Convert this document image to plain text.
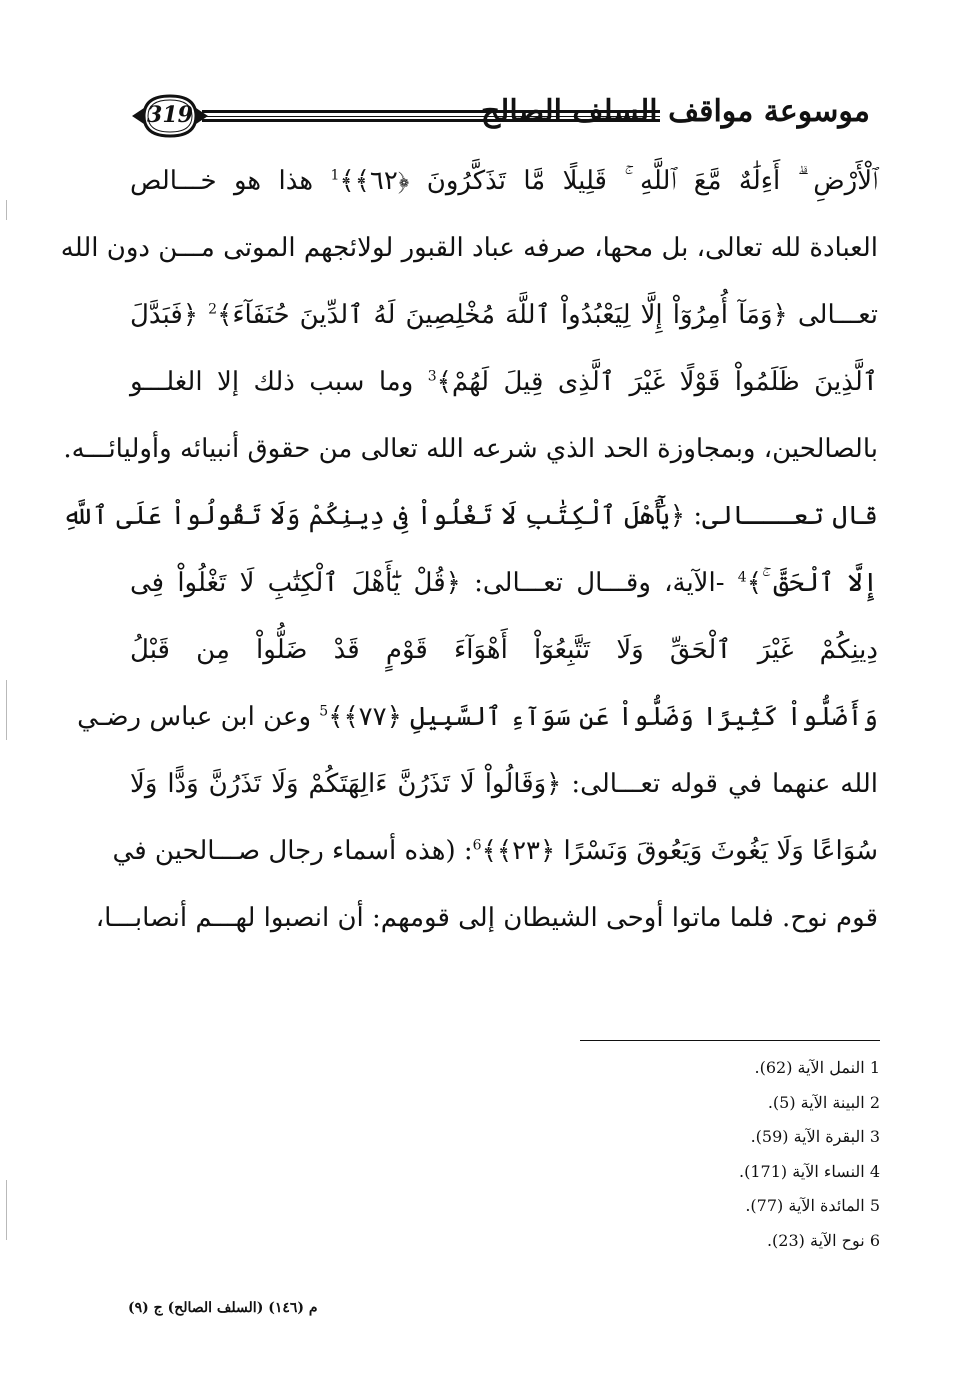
319	موسوعة مواقف السلف الصالح
ٱلْأَرْضِ ۗ أَءِلَٰهٌ مَّعَ ٱللَّهِ ۚ قَلِيلًا مَّا تَذَكَّرُونَ ﴿٦٢﴾﴾$^1$ هذا هو خـــالص
العبادة لله تعالى، بل محها، صرفه عباد القبور لولائجهم الموتى مـــن دون الله
تعـــالى ﴿وَمَآ أُمِرُوٓاْ إِلَّا لِيَعْبُدُواْ ٱللَّهَ مُخْلِصِينَ لَهُ ٱلدِّينَ حُنَفَآءَ﴾$^2$ ﴿فَبَدَّلَ
ٱلَّذِينَ ظَلَمُواْ قَوْلًا غَيْرَ ٱلَّذِى قِيلَ لَهُمْ﴾$^3$ وما سبب ذلك إلا الغلـــو
بالصالحين، وبمجاوزة الحد الذي شرعه الله تعالى من حقوق أنبيائه وأوليائـــه.
قال تعـــالى: ﴿يَٰٓأَهْلَ ٱلْكِتَٰبِ لَا تَغْلُواْ فِى دِينِكُمْ وَلَا تَقُولُواْ عَلَى ٱللَّهِ
إِلَّا ٱلْحَقَّ ۚ﴾$^4$ -الآية، وقـــال تعـــالى: ﴿قُلْ يَٰٓأَهْلَ ٱلْكِتَٰبِ لَا تَغْلُواْ فِى
دِينِكُمْ غَيْرَ ٱلْحَقِّ وَلَا تَتَّبِعُوٓاْ أَهْوَآءَ قَوْمٍ قَدْ ضَلُّواْ مِن قَبْلُ
وَأَضَلُّواْ كَثِيرًا وَضَلُّواْ عَن سَوَآءِ ٱلسَّبِيلِ ﴿٧٧﴾﴾$^5$ وعن ابن عباس رضـي
الله عنهما في قوله تعـــالى: ﴿وَقَالُواْ لَا تَذَرُنَّ ءَالِهَتَكُمْ وَلَا تَذَرُنَّ وَدًّا وَلَا
سُوَاعًا وَلَا يَغُوثَ وَيَعُوقَ وَنَسْرًا ﴿٢٣﴾﴾$^6$: (هذه أسماء رجال صـــالحين في
قوم نوح. فلما ماتوا أوحى الشيطان إلى قومهم: أن انصبوا لهـــم أنصابـــا،
1 النمل الآية (62).
2 البينة الآية (5).
3 البقرة الآية (59).
4 النساء الآية (171).
5 المائدة الآية (77).
6 نوح الآية (23).
م (١٤٦) (السلف الصالح) ج (٩)
